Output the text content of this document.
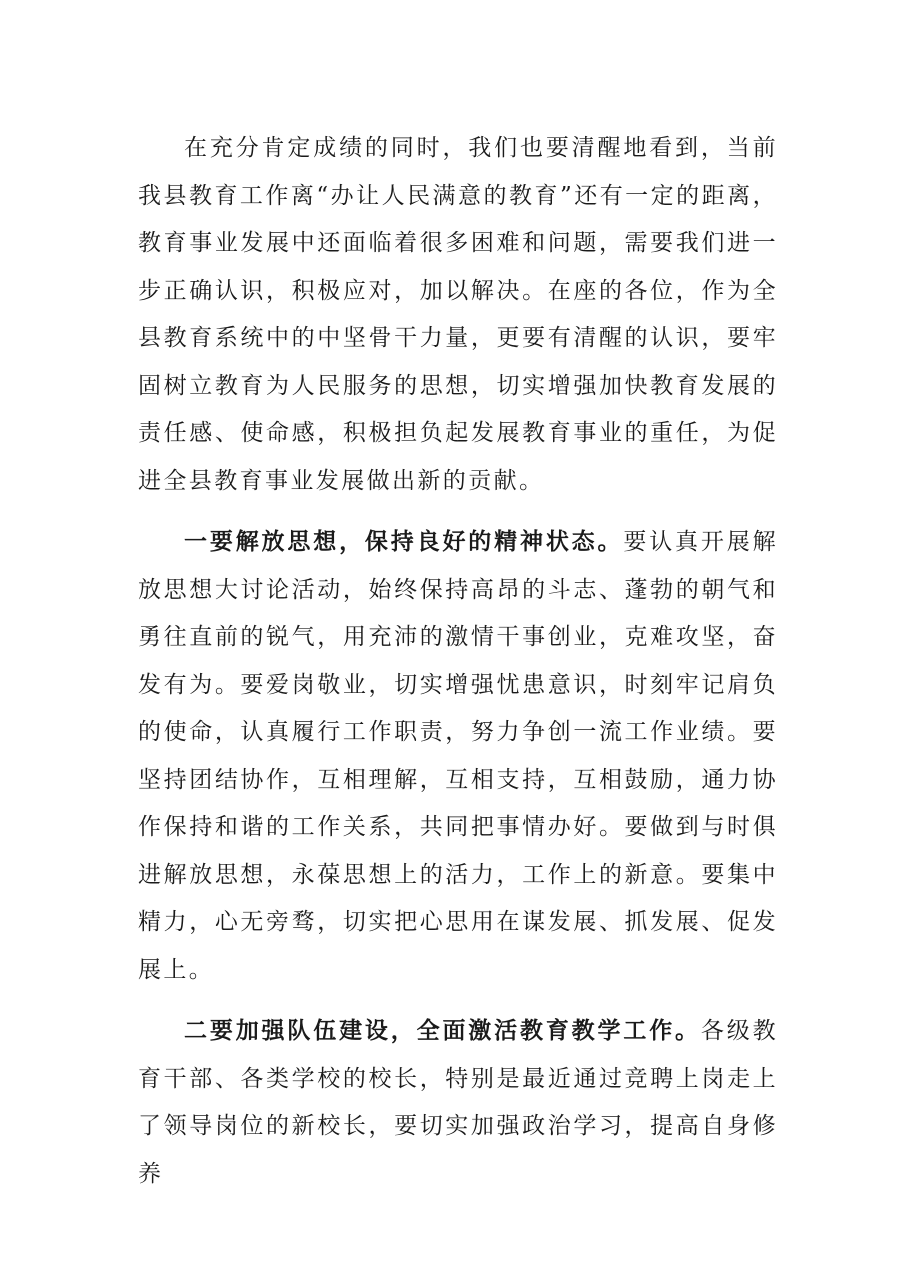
在充分肯定成绩的同时，我们也要清醒地看到，当前我县教育工作离“办让人民满意的教育”还有一定的距离，教育事业发展中还面临着很多困难和问题，需要我们进一步正确认识，积极应对，加以解决。在座的各位，作为全县教育系统中的中坚骨干力量，更要有清醒的认识，要牢固树立教育为人民服务的思想，切实增强加快教育发展的责任感、使命感，积极担负起发展教育事业的重任，为促进全县教育事业发展做出新的贡献。

一要解放思想，保持良好的精神状态。要认真开展解放思想大讨论活动，始终保持高昂的斗志、蓬勃的朝气和勇往直前的锐气，用充沛的激情干事创业，克难攻坚，奋发有为。要爱岗敬业，切实增强忧患意识，时刻牢记肩负的使命，认真履行工作职责，努力争创一流工作业绩。要坚持团结协作，互相理解，互相支持，互相鼓励，通力协作保持和谐的工作关系，共同把事情办好。要做到与时俱进解放思想，永葆思想上的活力，工作上的新意。要集中精力，心无旁骛，切实把心思用在谋发展、抓发展、促发展上。

二要加强队伍建设，全面激活教育教学工作。各级教育干部、各类学校的校长，特别是最近通过竞聘上岗走上了领导岗位的新校长，要切实加强政治学习，提高自身修养
